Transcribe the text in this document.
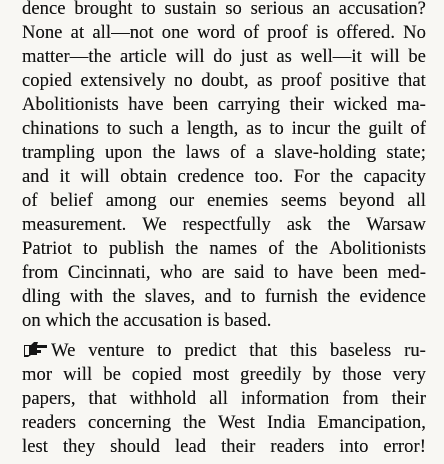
dence brought to sustain so serious an accusation?
None at all—not one word of proof is offered. No
matter—the article will do just as well—it will be
copied extensively no doubt, as proof positive that
Abolitionists have been carrying their wicked ma-
chinations to such a length, as to incur the guilt of
trampling upon the laws of a slave-holding state;
and it will obtain credence too. For the capacity
of belief among our enemies seems beyond all
measurement. We respectfully ask the Warsaw
Patriot to publish the names of the Abolitionists
from Cincinnati, who are said to have been med-
dling with the slaves, and to furnish the evidence
on which the accusation is based.
We venture to predict that this baseless ru-
mor will be copied most greedily by those very
papers, that withhold all information from their
readers concerning the West India Emancipation,
lest they should lead their readers into error!
